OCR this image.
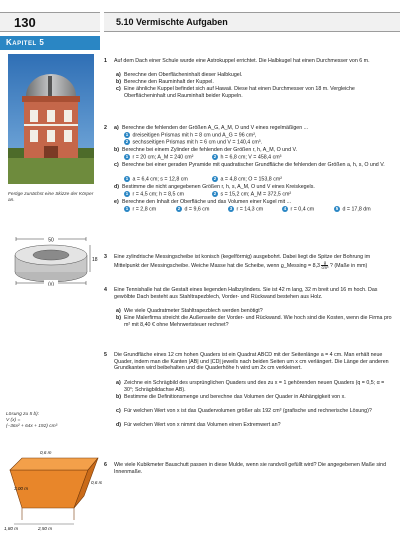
130	5.10 Vermischte Aufgaben
Kapitel 5
Fertige zunächst eine Skizze der Körper an.
50
18
(x)
Lösung zu 5 b):
V (x) =
(–36x² + 64x + 192) cm³
0,6 m
3,00 m
0,6 m
1,80 m	2,50 m
1 Auf dem Dach einer Schule wurde eine Astrokuppel errichtet. Die Halbkugel hat einen Durchmesser von 6 m.
a) Berechne den Oberflächeninhalt dieser Halbkugel.
b) Berechne den Rauminhalt der Kuppel.
c) Eine ähnliche Kuppel befindet sich auf Hawaii. Diese hat einen Durchmesser von 18 m. Vergleiche Oberflächeninhalt und Rauminhalt beider Kuppeln.
2 a) Berechne die fehlenden der Größen A_G, A_M, O und V eines regelmäßigen ...
1 dreiseitigen Prismas mit h = 8 cm und A_G = 96 cm²,
2 sechsseitigen Prismas mit h = 6 cm und V = 140,4 cm³.
b) Berechne bei einem Zylinder die fehlenden der Größen r, h, A_M, O und V.
1 r = 20 cm; A_M = 240 cm²	2 h = 6,8 cm; V = 458,4 cm³
c) Berechne bei einer geraden Pyramide mit quadratischer Grundfläche die fehlenden der Größen a, h, s, O und V.
1 a = 6,4 cm; s = 12,8 cm	2 a = 4,8 cm; O = 153,8 cm²
d) Bestimme die nicht angegebenen Größen r, h, s, A_M, O und V eines Kreiskegels.
1 r = 4,5 cm; h = 8,5 cm	2 s = 15,2 cm; A_M = 372,5 cm²
e) Berechne den Inhalt der Oberfläche und das Volumen einer Kugel mit ...
1 r = 2,8 cm	2 d = 9,6 cm	3 r = 14,3 cm	4 r = 0,4 cm	5 d = 17,8 dm
3 Eine zylindrische Messingscheibe ist konisch (kegelförmig) ausgebohrt. Dabei liegt die Spitze der Bohrung im Mittelpunkt der Messingscheibe. Weiche Masse hat die Scheibe, wenn ϱ_Messing = $8,3 \frac{g}{\text{cm³}}$ ? (Maße in mm)
4 Eine Tennishalle hat die Gestalt eines liegenden Halbzylinders. Sie ist 42 m lang, 32 m breit und 16 m hoch. Das gewölbte Dach besteht aus Stahltrapezblech, Vorder- und Rückwand bestehen aus Holz.
a) Wie viele Quadratmeter Stahltrapezblech werden benötigt?
b) Eine Malerfirma streicht die Außenseite der Vorder- und Rückwand. Wie hoch sind die Kosten, wenn die Firma pro m² mit 8,40 € ohne Mehrwertsteuer rechnet?
5 Die Grundfläche eines 12 cm hohen Quaders ist ein Quadrat ABCD mit der Seitenlänge a = 4 cm. Man erhält neue Quader, indem man die Kanten |AB| und |CD| jeweils nach beiden Seiten um x cm verlängert. Die Länge der anderen Grundkanten wird beibehalten und die Quaderhöhe h wird um 2x cm verkleinert.
a) Zeichne ein Schrägbild des ursprünglichen Quaders und des zu x = 1 gehörenden neuen Quaders (q = 0,5; α = 30°; Schrägbildachse AB).
b) Bestimme die Definitionsmenge und berechne das Volumen der Quader in Abhängigkeit von x.
c) Für welchen Wert von x ist das Quadervolumen größer als 192 cm³ (grafische und rechnerische Lösung)?
d) Für welchen Wert von x nimmt das Volumen einen Extremwert an?
6 Wie viele Kubikmeter Bauschutt passen in diese Mulde, wenn sie randvoll gefüllt wird? Die angegebenen Maße sind Innenmaße.
